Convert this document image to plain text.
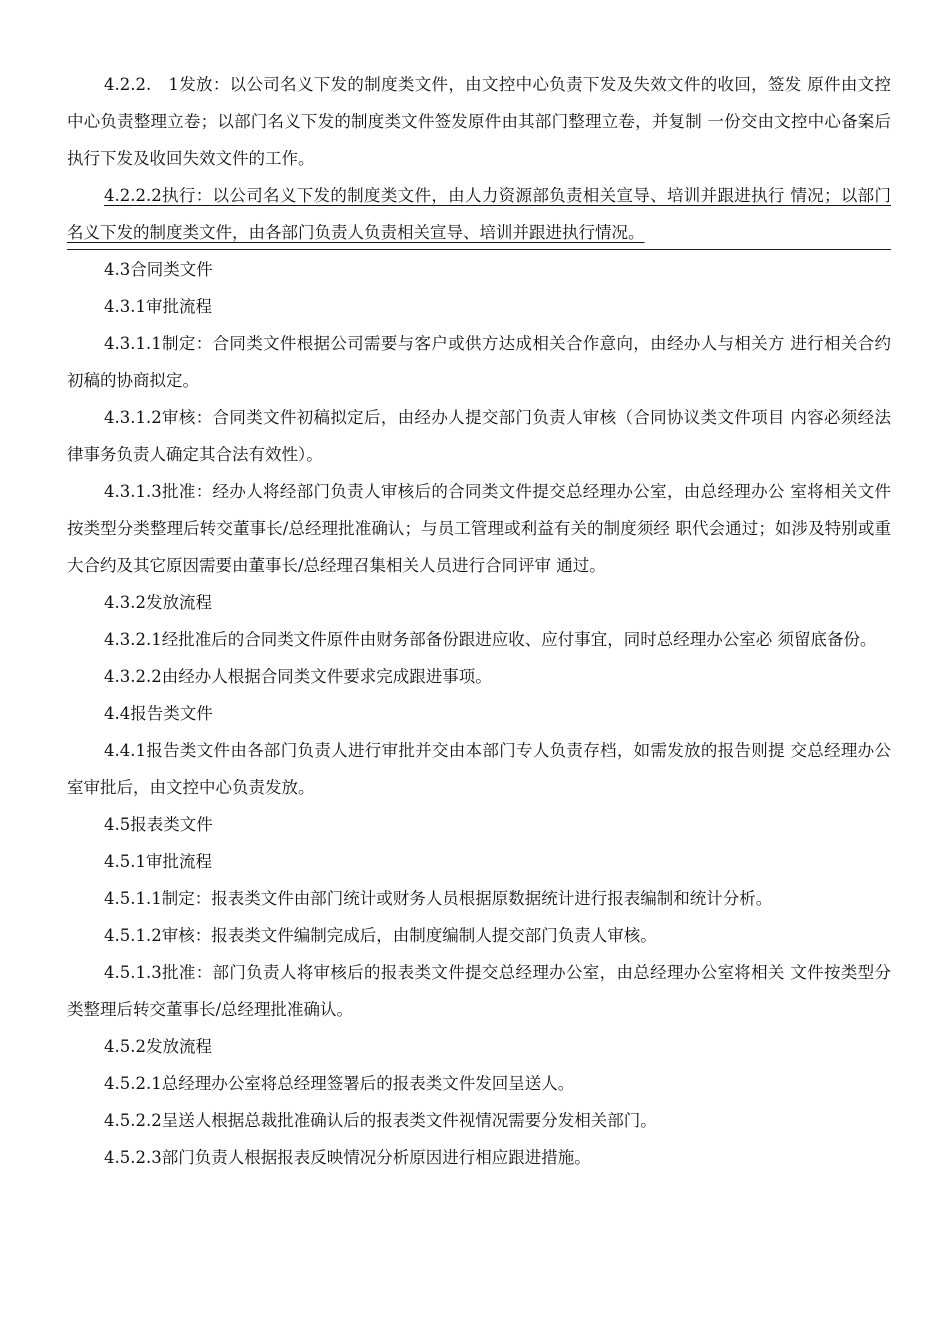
4.2.2.　1发放：以公司名义下发的制度类文件，由文控中心负责下发及失效文件的收回，签发 原件由文控中心负责整理立卷；以部门名义下发的制度类文件签发原件由其部门整理立卷，并复制 一份交由文控中心备案后执行下发及收回失效文件的工作。

4.2.2.2执行：以公司名义下发的制度类文件，由人力资源部负责相关宣导、培训并跟进执行 情况；以部门名义下发的制度类文件，由各部门负责人负责相关宣导、培训并跟进执行情况。

4.3合同类文件

4.3.1审批流程

4.3.1.1制定：合同类文件根据公司需要与客户或供方达成相关合作意向，由经办人与相关方 进行相关合约初稿的协商拟定。

4.3.1.2审核：合同类文件初稿拟定后，由经办人提交部门负责人审核（合同协议类文件项目 内容必须经法律事务负责人确定其合法有效性）。

4.3.1.3批准：经办人将经部门负责人审核后的合同类文件提交总经理办公室，由总经理办公 室将相关文件按类型分类整理后转交董事长/总经理批准确认；与员工管理或利益有关的制度须经 职代会通过；如涉及特别或重大合约及其它原因需要由董事长/总经理召集相关人员进行合同评审 通过。

4.3.2发放流程

4.3.2.1经批准后的合同类文件原件由财务部备份跟进应收、应付事宜，同时总经理办公室必 须留底备份。

4.3.2.2由经办人根据合同类文件要求完成跟进事项。

4.4报告类文件

4.4.1报告类文件由各部门负责人进行审批并交由本部门专人负责存档，如需发放的报告则提 交总经理办公室审批后，由文控中心负责发放。

4.5报表类文件

4.5.1审批流程

4.5.1.1制定：报表类文件由部门统计或财务人员根据原数据统计进行报表编制和统计分析。

4.5.1.2审核：报表类文件编制完成后，由制度编制人提交部门负责人审核。

4.5.1.3批准：部门负责人将审核后的报表类文件提交总经理办公室，由总经理办公室将相关 文件按类型分类整理后转交董事长/总经理批准确认。

4.5.2发放流程

4.5.2.1总经理办公室将总经理签署后的报表类文件发回呈送人。

4.5.2.2呈送人根据总裁批准确认后的报表类文件视情况需要分发相关部门。

4.5.2.3部门负责人根据报表反映情况分析原因进行相应跟进措施。
